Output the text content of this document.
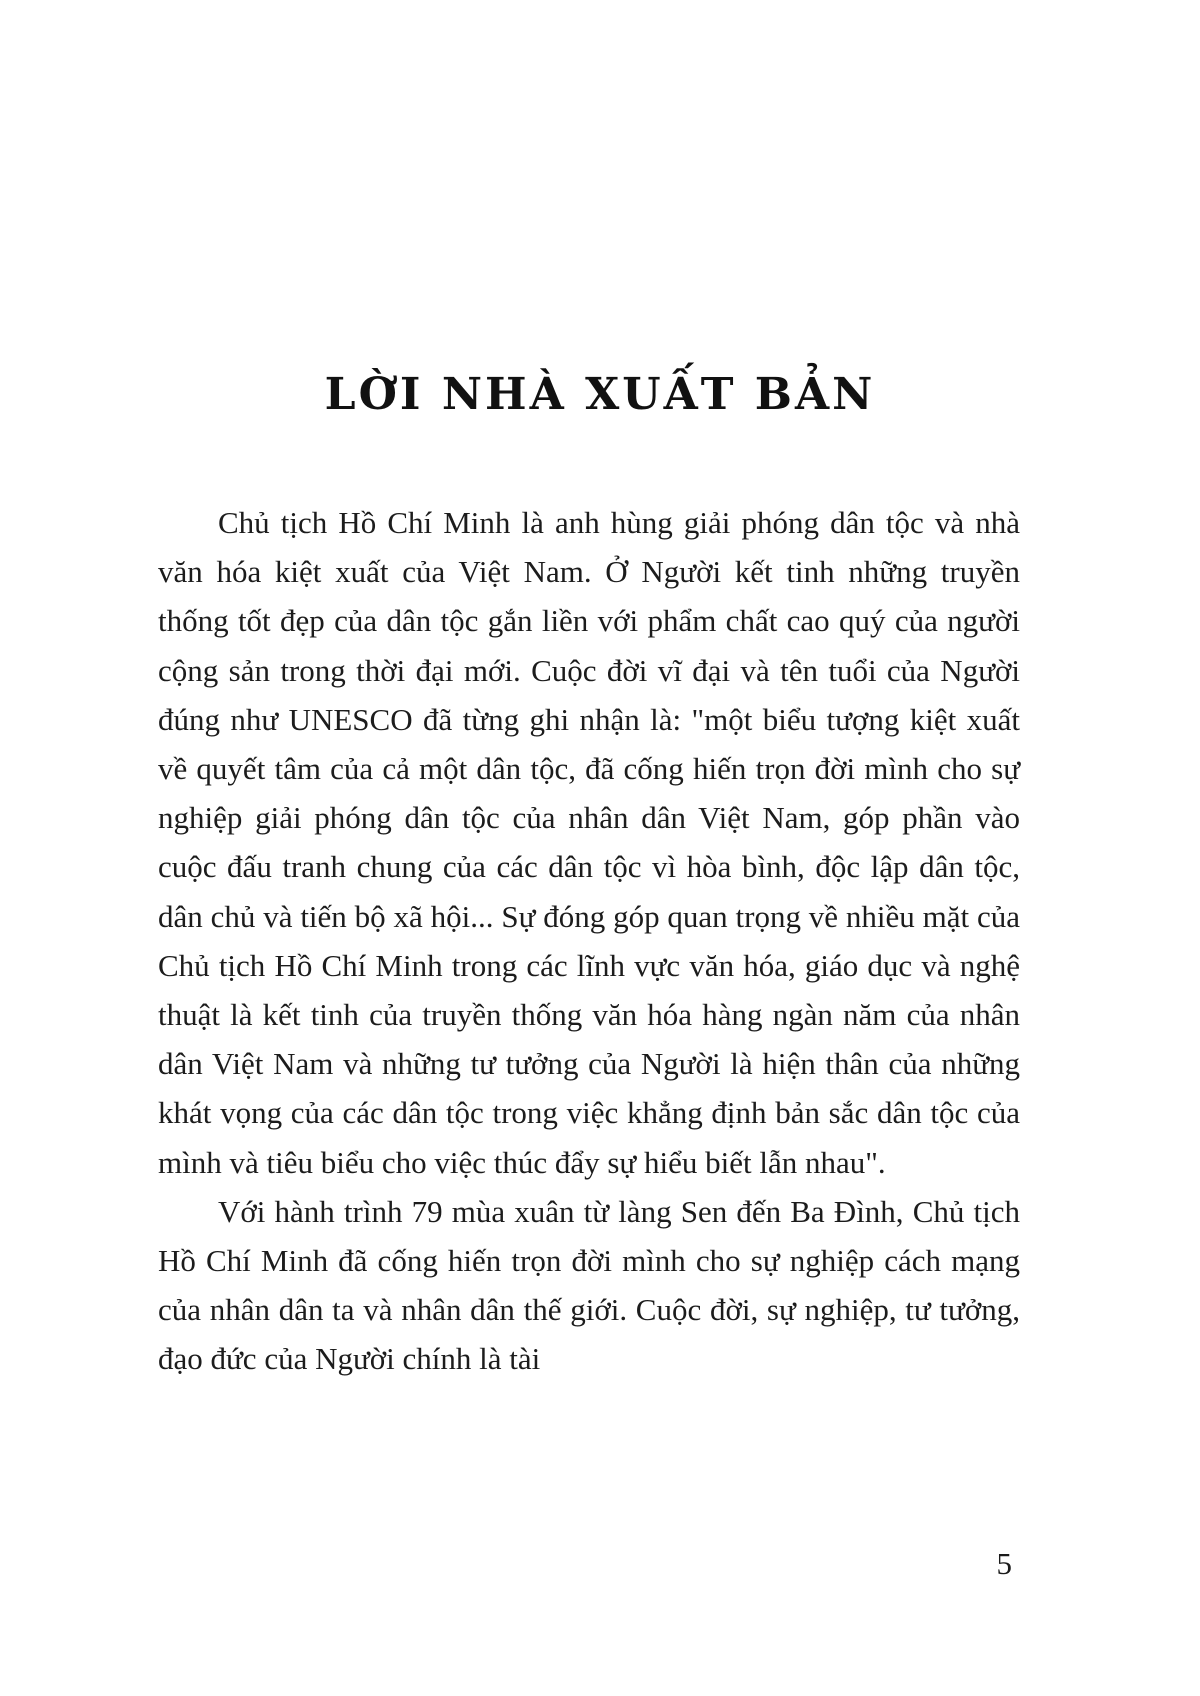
LỜI NHÀ XUẤT BẢN

Chủ tịch Hồ Chí Minh là anh hùng giải phóng dân tộc và nhà văn hóa kiệt xuất của Việt Nam. Ở Người kết tinh những truyền thống tốt đẹp của dân tộc gắn liền với phẩm chất cao quý của người cộng sản trong thời đại mới. Cuộc đời vĩ đại và tên tuổi của Người đúng như UNESCO đã từng ghi nhận là: "một biểu tượng kiệt xuất về quyết tâm của cả một dân tộc, đã cống hiến trọn đời mình cho sự nghiệp giải phóng dân tộc của nhân dân Việt Nam, góp phần vào cuộc đấu tranh chung của các dân tộc vì hòa bình, độc lập dân tộc, dân chủ và tiến bộ xã hội... Sự đóng góp quan trọng về nhiều mặt của Chủ tịch Hồ Chí Minh trong các lĩnh vực văn hóa, giáo dục và nghệ thuật là kết tinh của truyền thống văn hóa hàng ngàn năm của nhân dân Việt Nam và những tư tưởng của Người là hiện thân của những khát vọng của các dân tộc trong việc khẳng định bản sắc dân tộc của mình và tiêu biểu cho việc thúc đẩy sự hiểu biết lẫn nhau".

Với hành trình 79 mùa xuân từ làng Sen đến Ba Đình, Chủ tịch Hồ Chí Minh đã cống hiến trọn đời mình cho sự nghiệp cách mạng của nhân dân ta và nhân dân thế giới. Cuộc đời, sự nghiệp, tư tưởng, đạo đức của Người chính là tài

5
